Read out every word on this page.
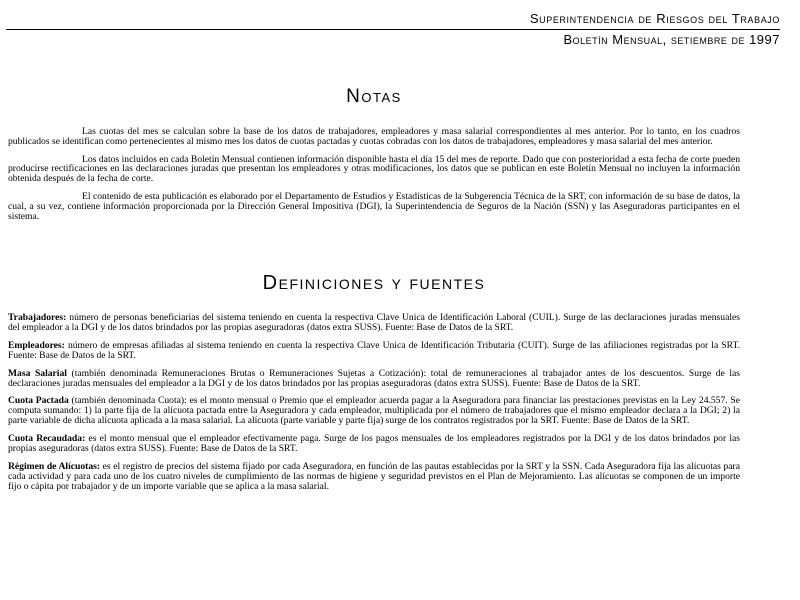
Superintendencia de Riesgos del Trabajo
Boletín Mensual, setiembre de 1997
Notas

Las cuotas del mes se calculan sobre la base de los datos de trabajadores, empleadores y masa salarial correspondientes al mes anterior. Por lo tanto, en los cuadros publicados se identifican como pertenecientes al mismo mes los datos de cuotas pactadas y cuotas cobradas con los datos de trabajadores, empleadores y masa salarial del mes anterior.

Los datos incluidos en cada Boletín Mensual contienen información disponible hasta el día 15 del mes de reporte. Dado que con posterioridad a esta fecha de corte pueden producirse rectificaciones en las declaraciones juradas que presentan los empleadores y otras modificaciones, los datos que se publican en este Boletín Mensual no incluyen la información obtenida después de la fecha de corte.

El contenido de esta publicación es elaborado por el Departamento de Estudios y Estadísticas de la Subgerencia Técnica de la SRT, con información de su base de datos, la cual, a su vez, contiene información proporcionada por la Dirección General Impositiva (DGI), la Superintendencia de Seguros de la Nación (SSN) y las Aseguradoras participantes en el sistema.

Definiciones y fuentes

Trabajadores: número de personas beneficiarias del sistema teniendo en cuenta la respectiva Clave Unica de Identificación Laboral (CUIL). Surge de las declaraciones juradas mensuales del empleador a la DGI y de los datos brindados por las propias aseguradoras (datos extra SUSS). Fuente: Base de Datos de la SRT.

Empleadores: número de empresas afiliadas al sistema teniendo en cuenta la respectiva Clave Unica de Identificación Tributaria (CUIT). Surge de las afiliaciones registradas por la SRT. Fuente: Base de Datos de la SRT.

Masa Salarial (también denominada Remuneraciones Brutas o Remuneraciones Sujetas a Cotización): total de remuneraciones al trabajador antes de los descuentos. Surge de las declaraciones juradas mensuales del empleador a la DGI y de los datos brindados por las propias aseguradoras (datos extra SUSS). Fuente: Base de Datos de la SRT.

Cuota Pactada (también denominada Cuota): es el monto mensual o Premio que el empleador acuerda pagar a la Aseguradora para financiar las prestaciones previstas en la Ley 24.557. Se computa sumando: 1) la parte fija de la alícuota pactada entre la Aseguradora y cada empleador, multiplicada por el número de trabajadores que el mismo empleador declara a la DGI; 2) la parte variable de dicha alícuota aplicada a la masa salarial. La alícuota (parte variable y parte fija) surge de los contratos registrados por la SRT. Fuente: Base de Datos de la SRT.

Cuota Recaudada: es el monto mensual que el empleador efectivamente paga. Surge de los pagos mensuales de los empleadores registrados por la DGI y de los datos brindados por las propias aseguradoras (datos extra SUSS). Fuente: Base de Datos de la SRT.

Régimen de Alícuotas: es el registro de precios del sistema fijado por cada Aseguradora, en función de las pautas establecidas por la SRT y la SSN. Cada Aseguradora fija las alícuotas para cada actividad y para cada uno de los cuatro niveles de cumplimiento de las normas de higiene y seguridad previstos en el Plan de Mejoramiento. Las alícuotas se componen de un importe fijo o cápita por trabajador y de un importe variable que se aplica a la masa salarial.
